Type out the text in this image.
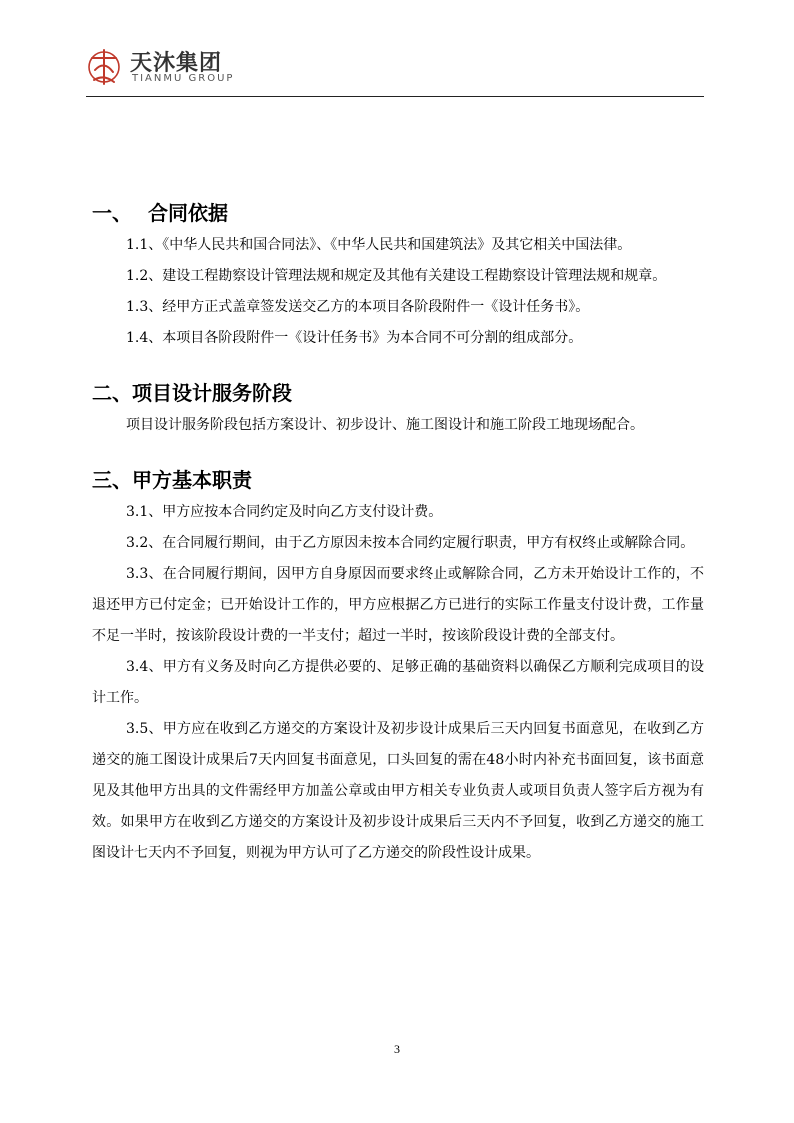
天沐集团
TIANMU GROUP
一、 合同依据

1.1、《中华人民共和国合同法》、《中华人民共和国建筑法》及其它相关中国法律。

1.2、建设工程勘察设计管理法规和规定及其他有关建设工程勘察设计管理法规和规章。

1.3、经甲方正式盖章签发送交乙方的本项目各阶段附件一《设计任务书》。

1.4、本项目各阶段附件一《设计任务书》为本合同不可分割的组成部分。

二、项目设计服务阶段

项目设计服务阶段包括方案设计、初步设计、施工图设计和施工阶段工地现场配合。

三、甲方基本职责

3.1、甲方应按本合同约定及时向乙方支付设计费。

3.2、在合同履行期间，由于乙方原因未按本合同约定履行职责，甲方有权终止或解除合同。

3.3、在合同履行期间，因甲方自身原因而要求终止或解除合同，乙方未开始设计工作的，不退还甲方已付定金；已开始设计工作的，甲方应根据乙方已进行的实际工作量支付设计费，工作量不足一半时，按该阶段设计费的一半支付；超过一半时，按该阶段设计费的全部支付。

3.4、甲方有义务及时向乙方提供必要的、足够正确的基础资料以确保乙方顺利完成项目的设计工作。

3.5、甲方应在收到乙方递交的方案设计及初步设计成果后三天内回复书面意见，在收到乙方递交的施工图设计成果后7天内回复书面意见，口头回复的需在48小时内补充书面回复，该书面意见及其他甲方出具的文件需经甲方加盖公章或由甲方相关专业负责人或项目负责人签字后方视为有效。如果甲方在收到乙方递交的方案设计及初步设计成果后三天内不予回复，收到乙方递交的施工图设计七天内不予回复，则视为甲方认可了乙方递交的阶段性设计成果。

3
